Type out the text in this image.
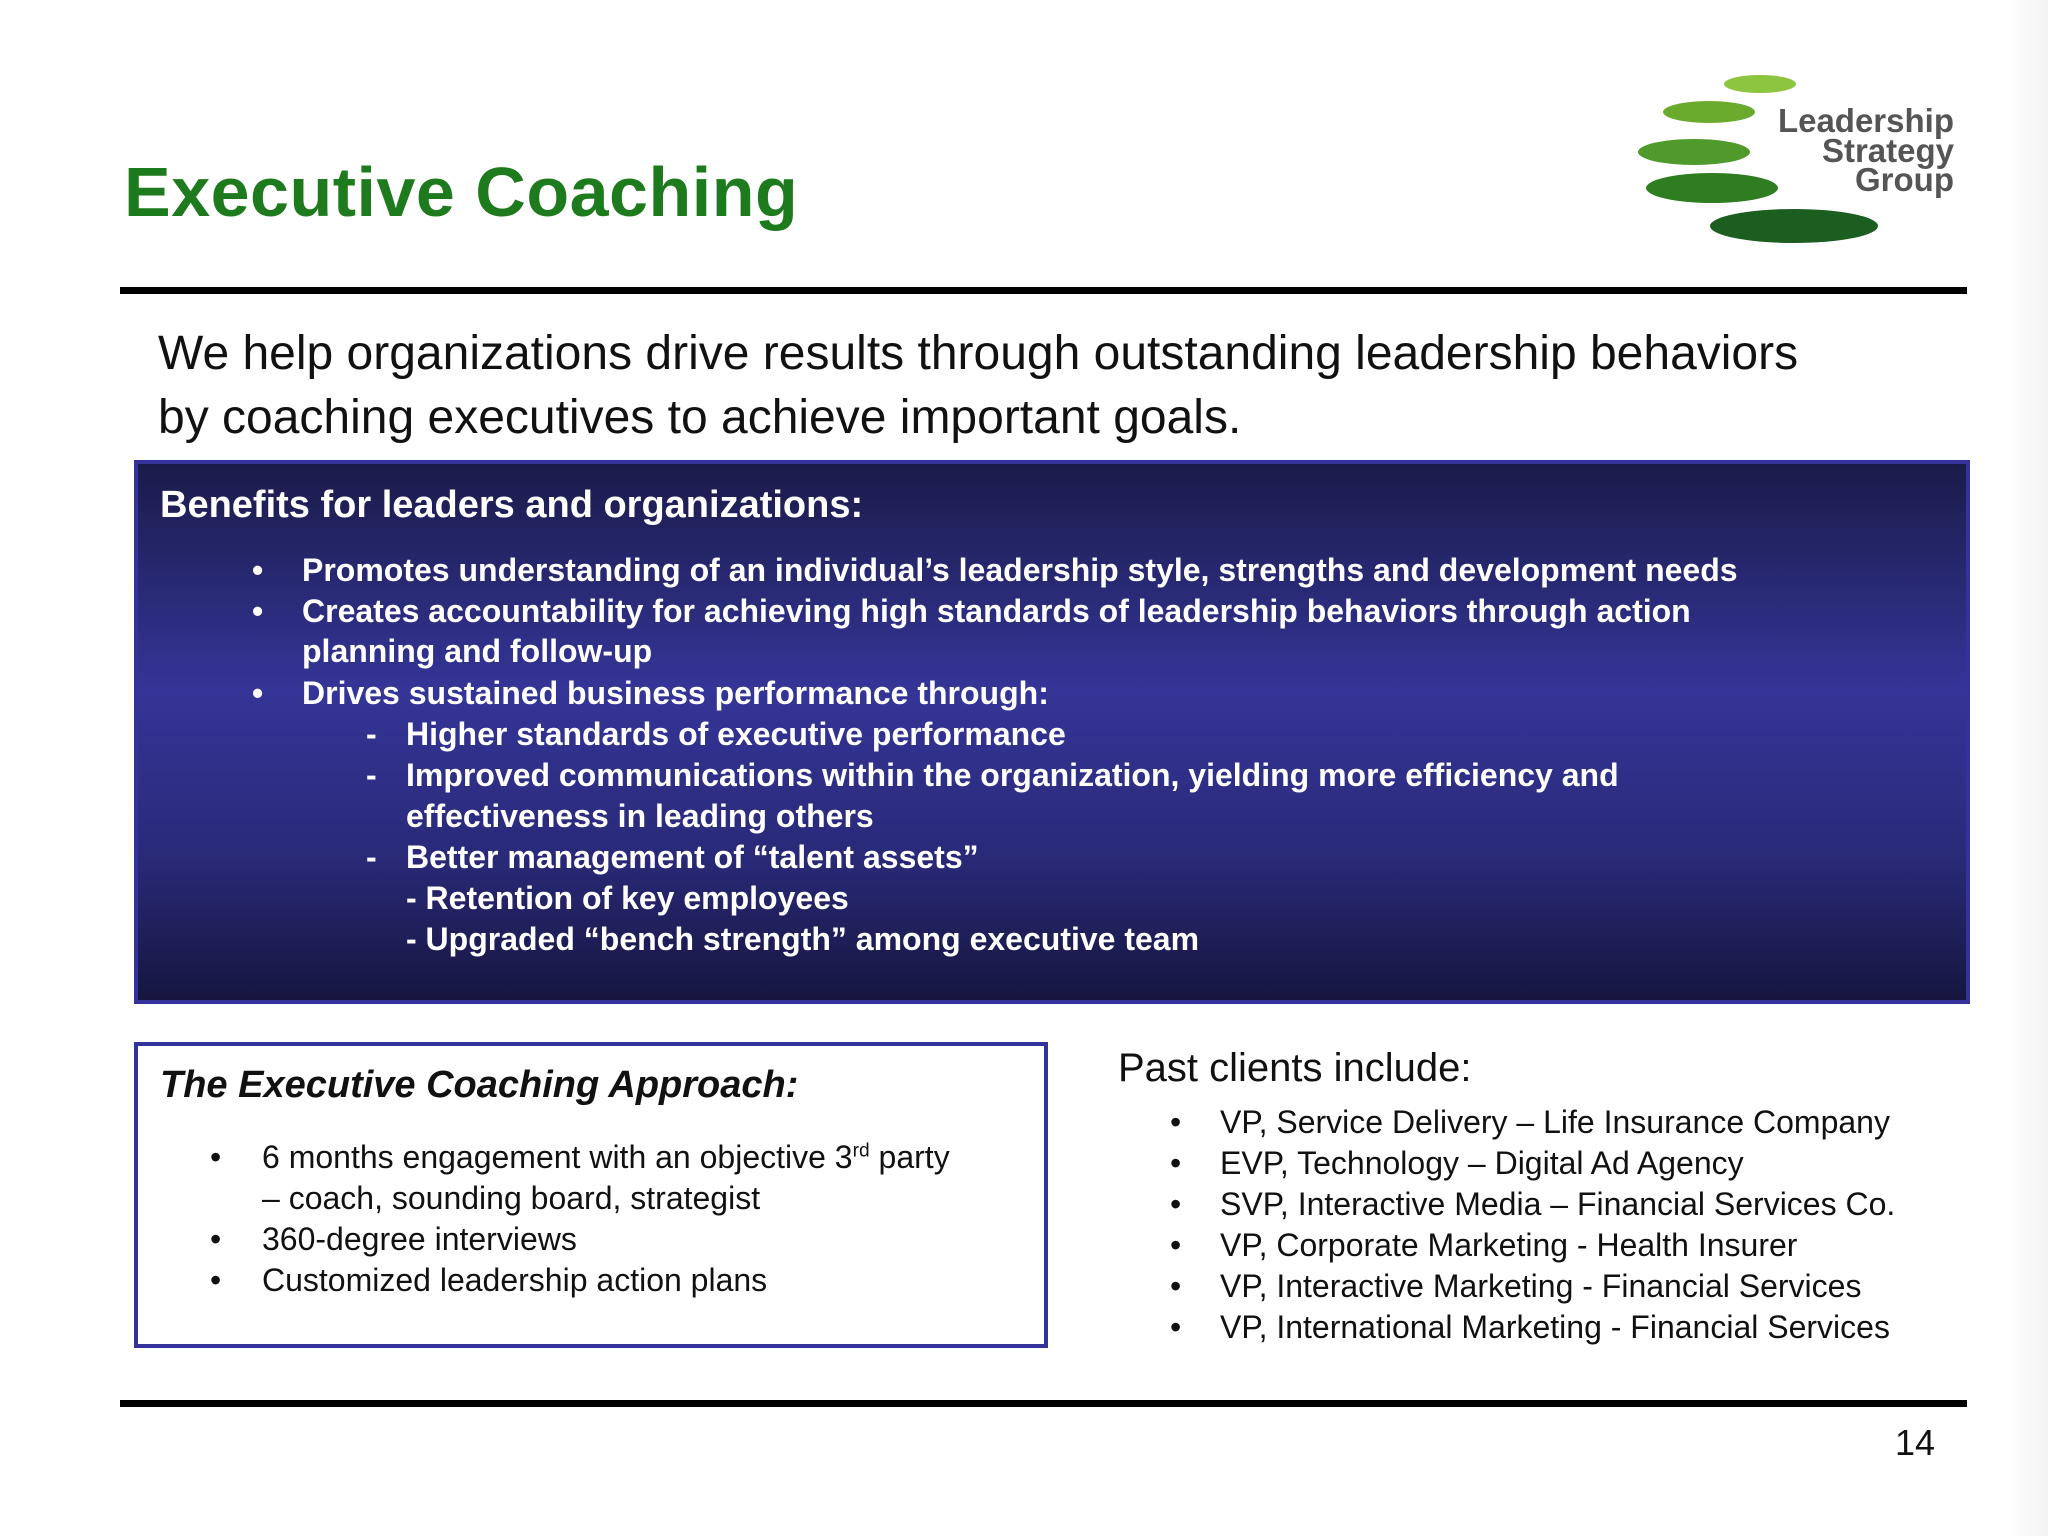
Executive Coaching
Leadership
Strategy
Group
We help organizations drive results through outstanding leadership behaviors
by coaching executives to achieve important goals.
Benefits for leaders and organizations:
• Promotes understanding of an individual’s leadership style, strengths and development needs
• Creates accountability for achieving high standards of leadership behaviors through action
planning and follow-up
• Drives sustained business performance through:
- Higher standards of executive performance
- Improved communications within the organization, yielding more efficiency and
effectiveness in leading others
- Better management of “talent assets”
- Retention of key employees
- Upgraded “bench strength” among executive team
The Executive Coaching Approach:
• 6 months engagement with an objective 3rd party
– coach, sounding board, strategist
• 360-degree interviews
• Customized leadership action plans
Past clients include:
• VP, Service Delivery – Life Insurance Company
• EVP, Technology – Digital Ad Agency
• SVP, Interactive Media – Financial Services Co.
• VP, Corporate Marketing - Health Insurer
• VP, Interactive Marketing - Financial Services
• VP, International Marketing - Financial Services
14
